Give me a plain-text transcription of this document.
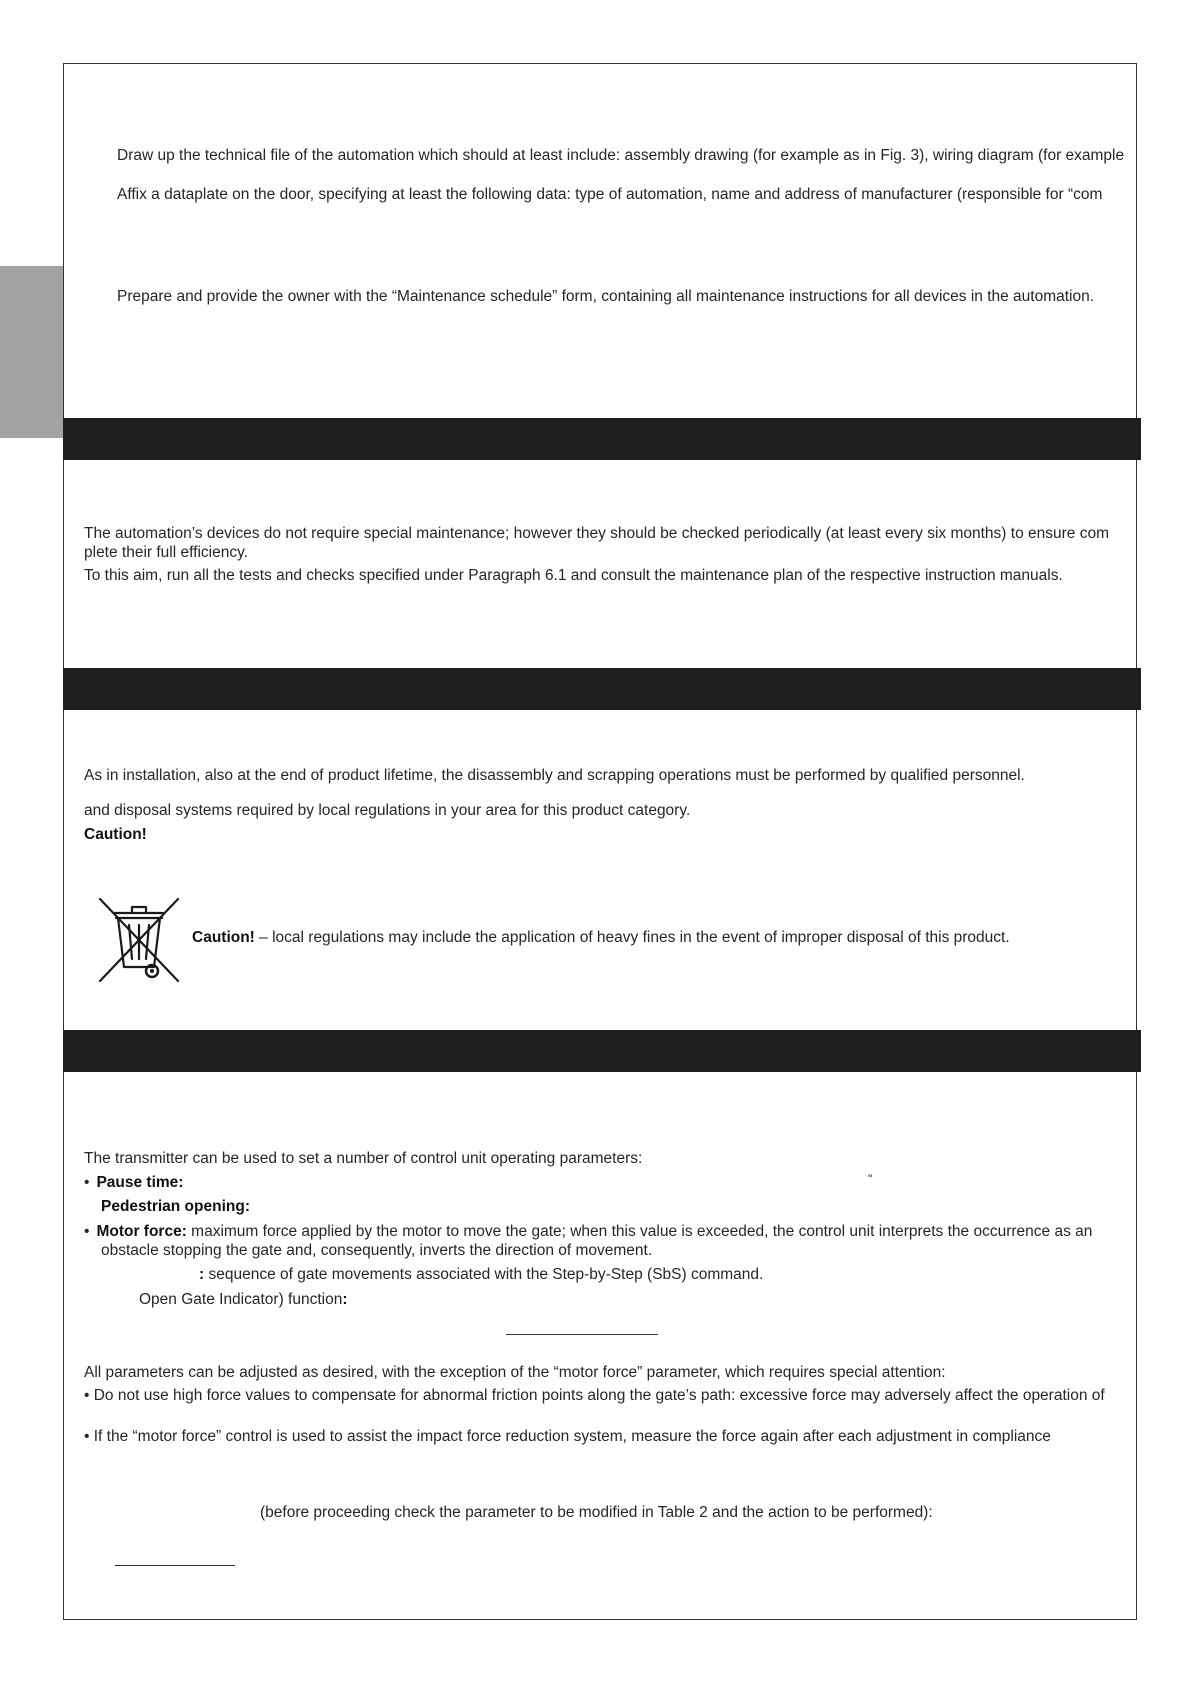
Draw up the technical file of the automation which should at least include: assembly drawing (for example as in Fig. 3), wiring diagram (for example
Affix a dataplate on the door, specifying at least the following data: type of automation, name and address of manufacturer (responsible for “com
Prepare and provide the owner with the “Maintenance schedule” form, containing all maintenance instructions for all devices in the automation.
The automation’s devices do not require special maintenance; however they should be checked periodically (at least every six months) to ensure com plete their full efficiency.
To this aim, run all the tests and checks specified under Paragraph 6.1 and consult the maintenance plan of the respective instruction manuals.
As in installation, also at the end of product lifetime, the disassembly and scrapping operations must be performed by qualified personnel.
and disposal systems required by local regulations in your area for this product category.
Caution!
Caution! – local regulations may include the application of heavy fines in the event of improper disposal of this product.
The transmitter can be used to set a number of control unit operating parameters:
• Pause time:	"
Pedestrian opening:
• Motor force: maximum force applied by the motor to move the gate; when this value is exceeded, the control unit interprets the occurrence as an obstacle stopping the gate and, consequently, inverts the direction of movement.
: sequence of gate movements associated with the Step-by-Step (SbS) command.
Open Gate Indicator) function:
All parameters can be adjusted as desired, with the exception of the “motor force” parameter, which requires special attention:
• Do not use high force values to compensate for abnormal friction points along the gate’s path: excessive force may adversely affect the operation of
• If the “motor force” control is used to assist the impact force reduction system, measure the force again after each adjustment in compliance
(before proceeding check the parameter to be modified in Table 2 and the action to be performed):
